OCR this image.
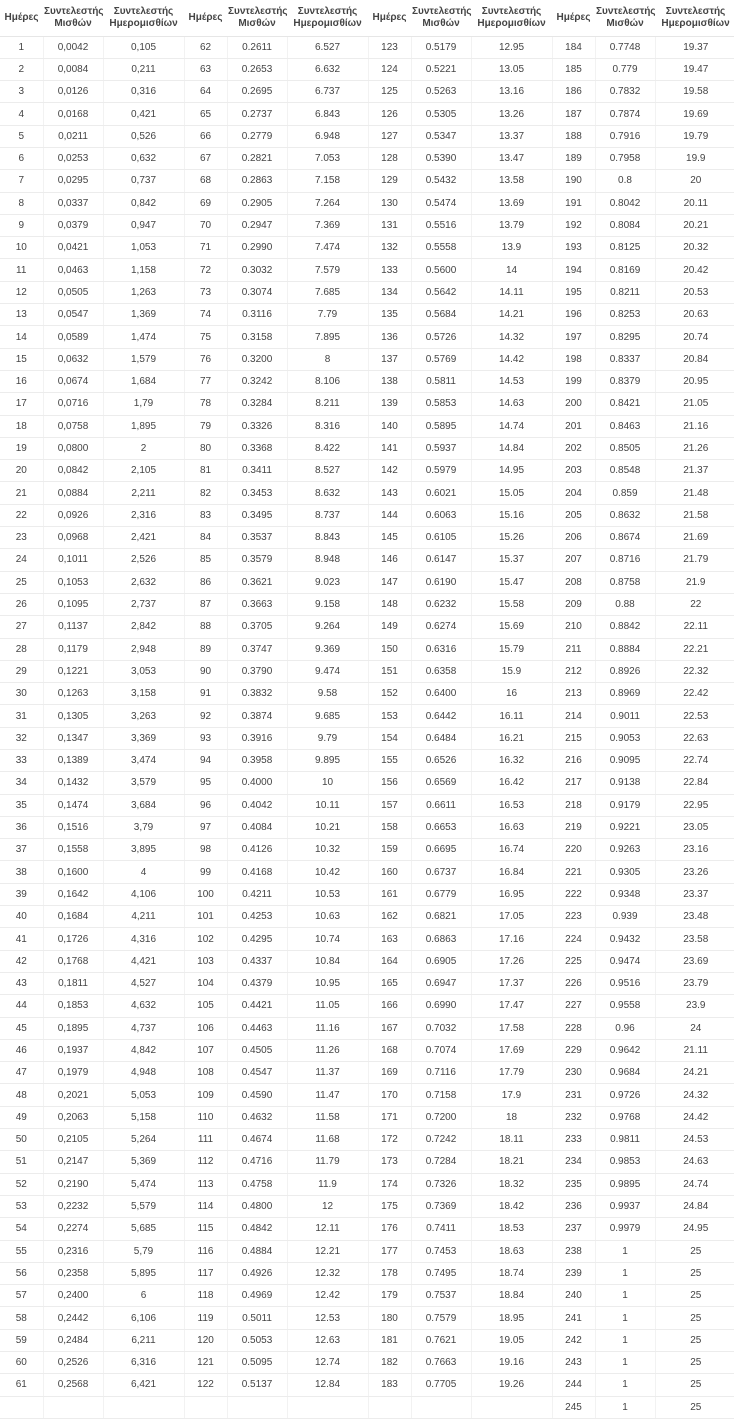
Ημέρες	Συντελεστής Μισθών	Συντελεστής Ημερομισθίων	Ημέρες	Συντελεστής Μισθών	Συντελεστής Ημερομισθίων	Ημέρες	Συντελεστής Μισθών	Συντελεστής Ημερομισθίων	Ημέρες	Συντελεστής Μισθών	Συντελεστής Ημερομισθίων
1	0,0042	0,105	62	0.2611	6.527	123	0.5179	12.95	184	0.7748	19.37
2	0,0084	0,211	63	0.2653	6.632	124	0.5221	13.05	185	0.779	19.47
3	0,0126	0,316	64	0.2695	6.737	125	0.5263	13.16	186	0.7832	19.58
4	0,0168	0,421	65	0.2737	6.843	126	0.5305	13.26	187	0.7874	19.69
5	0,0211	0,526	66	0.2779	6.948	127	0.5347	13.37	188	0.7916	19.79
6	0,0253	0,632	67	0.2821	7.053	128	0.5390	13.47	189	0.7958	19.9
7	0,0295	0,737	68	0.2863	7.158	129	0.5432	13.58	190	0.8	20
8	0,0337	0,842	69	0.2905	7.264	130	0.5474	13.69	191	0.8042	20.11
9	0,0379	0,947	70	0.2947	7.369	131	0.5516	13.79	192	0.8084	20.21
10	0,0421	1,053	71	0.2990	7.474	132	0.5558	13.9	193	0.8125	20.32
11	0,0463	1,158	72	0.3032	7.579	133	0.5600	14	194	0.8169	20.42
12	0,0505	1,263	73	0.3074	7.685	134	0.5642	14.11	195	0.8211	20.53
13	0,0547	1,369	74	0.3116	7.79	135	0.5684	14.21	196	0.8253	20.63
14	0,0589	1,474	75	0.3158	7.895	136	0.5726	14.32	197	0.8295	20.74
15	0,0632	1,579	76	0.3200	8	137	0.5769	14.42	198	0.8337	20.84
16	0,0674	1,684	77	0.3242	8.106	138	0.5811	14.53	199	0.8379	20.95
17	0,0716	1,79	78	0.3284	8.211	139	0.5853	14.63	200	0.8421	21.05
18	0,0758	1,895	79	0.3326	8.316	140	0.5895	14.74	201	0.8463	21.16
19	0,0800	2	80	0.3368	8.422	141	0.5937	14.84	202	0.8505	21.26
20	0,0842	2,105	81	0.3411	8.527	142	0.5979	14.95	203	0.8548	21.37
21	0,0884	2,211	82	0.3453	8.632	143	0.6021	15.05	204	0.859	21.48
22	0,0926	2,316	83	0.3495	8.737	144	0.6063	15.16	205	0.8632	21.58
23	0,0968	2,421	84	0.3537	8.843	145	0.6105	15.26	206	0.8674	21.69
24	0,1011	2,526	85	0.3579	8.948	146	0.6147	15.37	207	0.8716	21.79
25	0,1053	2,632	86	0.3621	9.023	147	0.6190	15.47	208	0.8758	21.9
26	0,1095	2,737	87	0.3663	9.158	148	0.6232	15.58	209	0.88	22
27	0,1137	2,842	88	0.3705	9.264	149	0.6274	15.69	210	0.8842	22.11
28	0,1179	2,948	89	0.3747	9.369	150	0.6316	15.79	211	0.8884	22.21
29	0,1221	3,053	90	0.3790	9.474	151	0.6358	15.9	212	0.8926	22.32
30	0,1263	3,158	91	0.3832	9.58	152	0.6400	16	213	0.8969	22.42
31	0,1305	3,263	92	0.3874	9.685	153	0.6442	16.11	214	0.9011	22.53
32	0,1347	3,369	93	0.3916	9.79	154	0.6484	16.21	215	0.9053	22.63
33	0,1389	3,474	94	0.3958	9.895	155	0.6526	16.32	216	0.9095	22.74
34	0,1432	3,579	95	0.4000	10	156	0.6569	16.42	217	0.9138	22.84
35	0,1474	3,684	96	0.4042	10.11	157	0.6611	16.53	218	0.9179	22.95
36	0,1516	3,79	97	0.4084	10.21	158	0.6653	16.63	219	0.9221	23.05
37	0,1558	3,895	98	0.4126	10.32	159	0.6695	16.74	220	0.9263	23.16
38	0,1600	4	99	0.4168	10.42	160	0.6737	16.84	221	0.9305	23.26
39	0,1642	4,106	100	0.4211	10.53	161	0.6779	16.95	222	0.9348	23.37
40	0,1684	4,211	101	0.4253	10.63	162	0.6821	17.05	223	0.939	23.48
41	0,1726	4,316	102	0.4295	10.74	163	0.6863	17.16	224	0.9432	23.58
42	0,1768	4,421	103	0.4337	10.84	164	0.6905	17.26	225	0.9474	23.69
43	0,1811	4,527	104	0.4379	10.95	165	0.6947	17.37	226	0.9516	23.79
44	0,1853	4,632	105	0.4421	11.05	166	0.6990	17.47	227	0.9558	23.9
45	0,1895	4,737	106	0.4463	11.16	167	0.7032	17.58	228	0.96	24
46	0,1937	4,842	107	0.4505	11.26	168	0.7074	17.69	229	0.9642	21.11
47	0,1979	4,948	108	0.4547	11.37	169	0.7116	17.79	230	0.9684	24.21
48	0,2021	5,053	109	0.4590	11.47	170	0.7158	17.9	231	0.9726	24.32
49	0,2063	5,158	110	0.4632	11.58	171	0.7200	18	232	0.9768	24.42
50	0,2105	5,264	111	0.4674	11.68	172	0.7242	18.11	233	0.9811	24.53
51	0,2147	5,369	112	0.4716	11.79	173	0.7284	18.21	234	0.9853	24.63
52	0,2190	5,474	113	0.4758	11.9	174	0.7326	18.32	235	0.9895	24.74
53	0,2232	5,579	114	0.4800	12	175	0.7369	18.42	236	0.9937	24.84
54	0,2274	5,685	115	0.4842	12.11	176	0.7411	18.53	237	0.9979	24.95
55	0,2316	5,79	116	0.4884	12.21	177	0.7453	18.63	238	1	25
56	0,2358	5,895	117	0.4926	12.32	178	0.7495	18.74	239	1	25
57	0,2400	6	118	0.4969	12.42	179	0.7537	18.84	240	1	25
58	0,2442	6,106	119	0.5011	12.53	180	0.7579	18.95	241	1	25
59	0,2484	6,211	120	0.5053	12.63	181	0.7621	19.05	242	1	25
60	0,2526	6,316	121	0.5095	12.74	182	0.7663	19.16	243	1	25
61	0,2568	6,421	122	0.5137	12.84	183	0.7705	19.26	244	1	25
									245	1	25
